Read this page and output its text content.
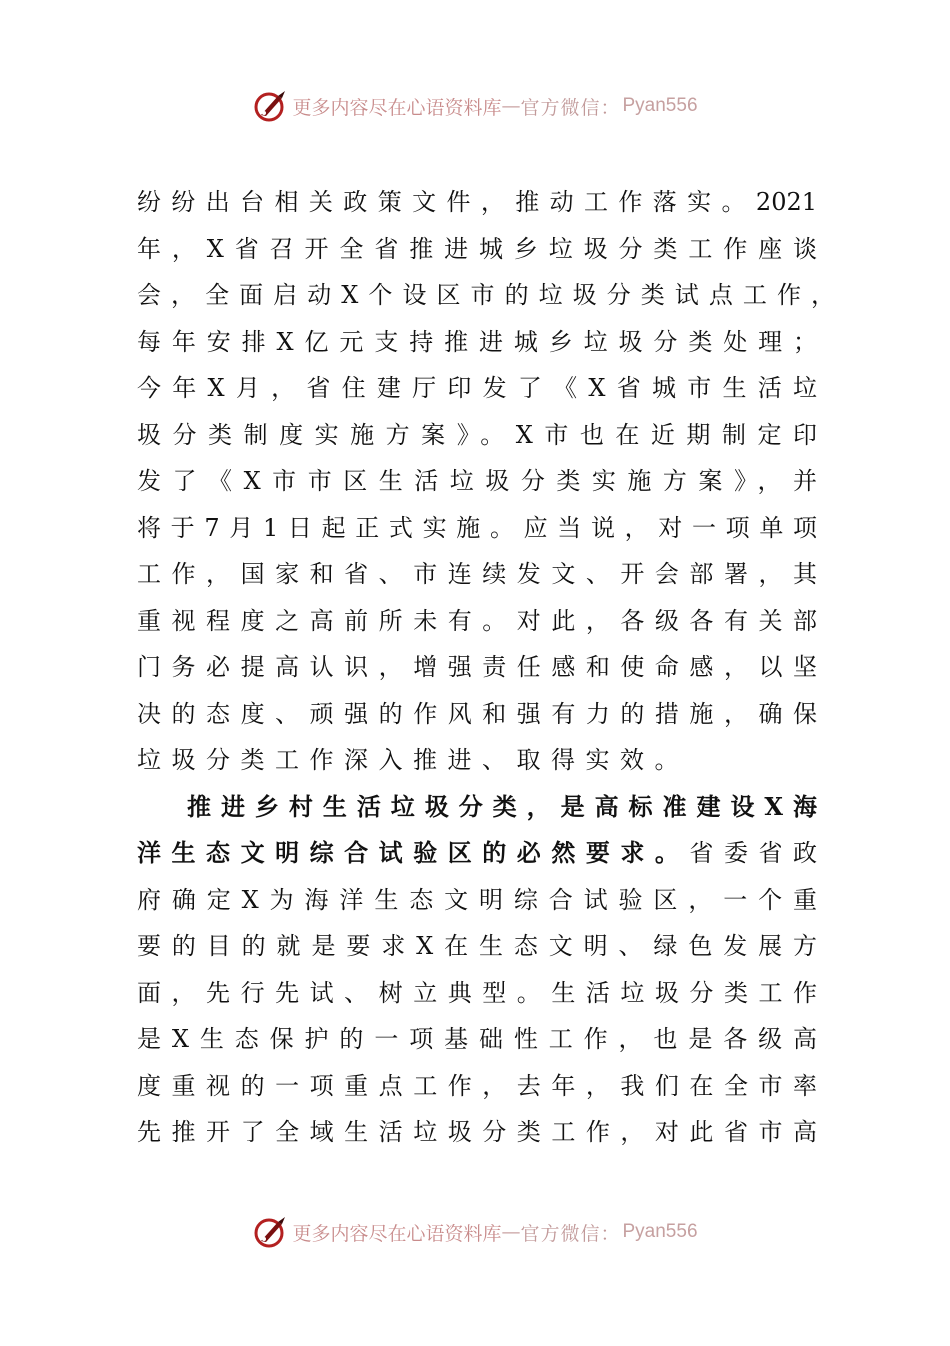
更多内容尽在心语资料库 — 官方微信： Pyan556
纷纷出台相关政策文件，推动工作落实。2021
年，X省召开全省推进城乡垃圾分类工作座谈
会，全面启动X个设区市的垃圾分类试点工作，
每年安排X亿元支持推进城乡垃圾分类处理；
今年X月，省住建厅印发了《X省城市生活垃
圾分类制度实施方案》。X市也在近期制定印
发了《X市市区生活垃圾分类实施方案》，并
将于7月1日起正式实施。应当说，对一项单项
工作，国家和省、市连续发文、开会部署，其
重视程度之高前所未有。对此，各级各有关部
门务必提高认识，增强责任感和使命感，以坚
决的态度、顽强的作风和强有力的措施，确保
垃圾分类工作深入推进、取得实效。
推进乡村生活垃圾分类，是高标准建设X海
洋生态文明综合试验区的必然要求。省委省政
府确定X为海洋生态文明综合试验区，一个重
要的目的就是要求X在生态文明、绿色发展方
面，先行先试、树立典型。生活垃圾分类工作
是X生态保护的一项基础性工作，也是各级高
度重视的一项重点工作，去年，我们在全市率
先推开了全域生活垃圾分类工作，对此省市高
更多内容尽在心语资料库 — 官方微信： Pyan556
